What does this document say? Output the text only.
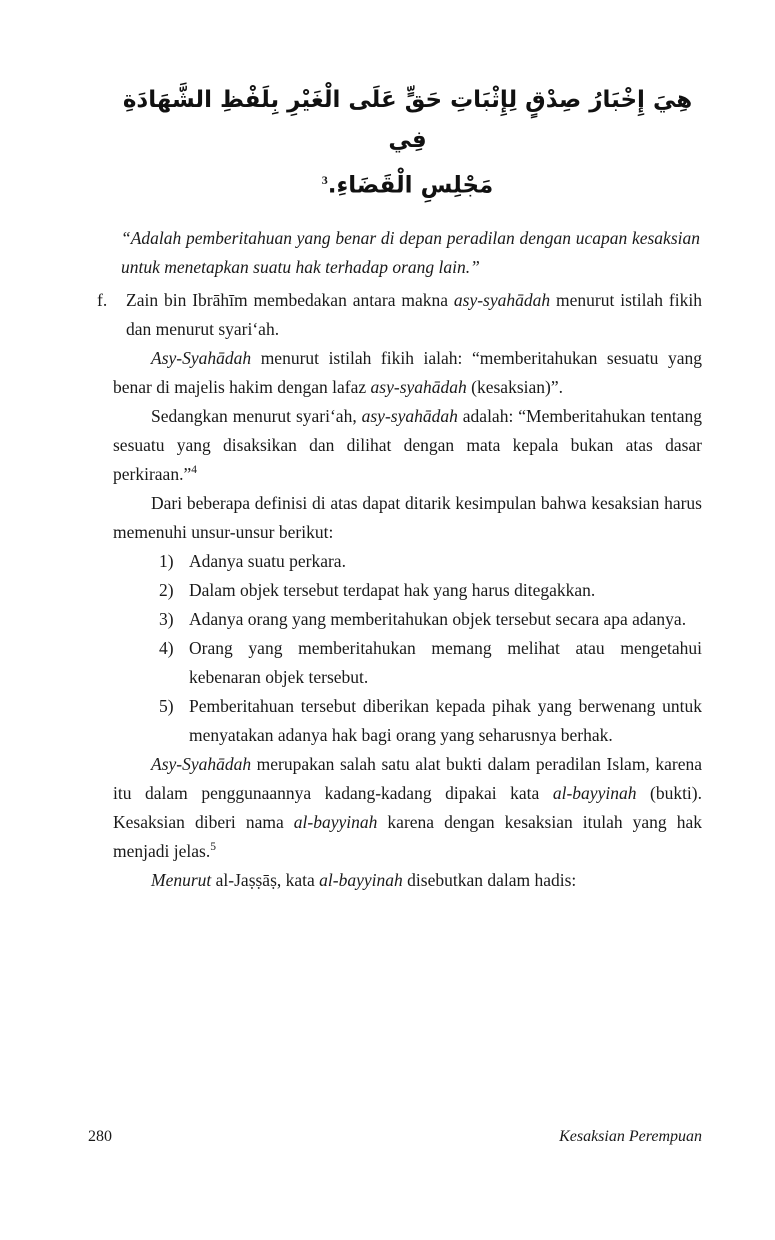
هِيَ إِخْبَارُ صِدْقٍ لِإِثْبَاتِ حَقٍّ عَلَى الْغَيْرِ بِلَفْظِ الشَّهَادَةِ فِي
مَجْلِسِ الْقَضَاءِ‏.$^3$

“Adalah pemberitahuan yang benar di depan peradilan dengan ucapan kesaksian untuk menetapkan suatu hak terhadap orang lain.”

f.	Zain bin Ibrāhīm membedakan antara makna asy-syahādah menurut istilah fikih dan menurut syari‘ah.

Asy-Syahādah menurut istilah fikih ialah: “memberitahukan sesuatu yang benar di majelis hakim dengan lafaz asy-syahādah (kesaksian)”.

Sedangkan menurut syari‘ah, asy-syahādah adalah: “Memberitahukan tentang sesuatu yang disaksikan dan dilihat dengan mata kepala bukan atas dasar perkiraan.”$^4$

Dari beberapa definisi di atas dapat ditarik kesimpulan bahwa kesaksian harus memenuhi unsur-unsur berikut:

1) Adanya suatu perkara.
2) Dalam objek tersebut terdapat hak yang harus ditegakkan.
3) Adanya orang yang memberitahukan objek tersebut secara apa adanya.
4) Orang yang memberitahukan memang melihat atau mengetahui kebenaran objek tersebut.
5) Pemberitahuan tersebut diberikan kepada pihak yang berwenang untuk menyatakan adanya hak bagi orang yang seharusnya berhak.

Asy-Syahādah merupakan salah satu alat bukti dalam peradilan Islam, karena itu dalam penggunaannya kadang-kadang dipakai kata al-bayyinah (bukti). Kesaksian diberi nama al-bayyinah karena dengan kesaksian itulah yang hak menjadi jelas.$^5$

Menurut al-Jaṣṣāṣ, kata al-bayyinah disebutkan dalam hadis:

280	Kesaksian Perempuan
